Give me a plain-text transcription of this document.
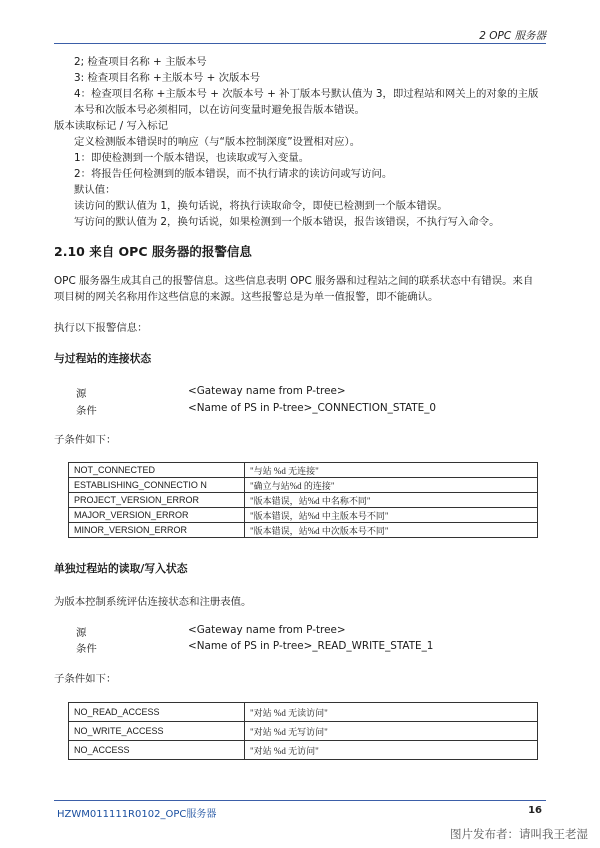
2 OPC 服务器
2; 检查项目名称 + 主版本号
3: 检查项目名称 +主版本号 + 次版本号
4：检查项目名称 +主版本号 + 次版本号 + 补丁版本号默认值为 3，即过程站和网关上的对象的主版
本号和次版本号必须相同，以在访问变量时避免报告版本错误。
版本读取标记 / 写入标记
定义检测版本错误时的响应（与“版本控制深度”设置相对应）。
1：即使检测到一个版本错误，也读取或写入变量。
2：将报告任何检测到的版本错误，而不执行请求的读访问或写访问。
默认值：
读访问的默认值为 1，换句话说，将执行读取命令，即使已检测到一个版本错误。
写访问的默认值为 2，换句话说，如果检测到一个版本错误，报告该错误，不执行写入命令。
2.10 来自 OPC 服务器的报警信息
OPC 服务器生成其自己的报警信息。这些信息表明 OPC 服务器和过程站之间的联系状态中有错误。来自
项目树的网关名称用作这些信息的来源。这些报警总是为单一值报警，即不能确认。
执行以下报警信息：
与过程站的连接状态
源	<Gateway name from P-tree>
条件	<Name of PS in P-tree>_CONNECTION_STATE_0
子条件如下：
NOT_CONNECTED	"与站 %d 无连接"
ESTABLISHING_CONNECTIO N	"确立与站%d 的连接"
PROJECT_VERSION_ERROR	"版本错误，站%d 中名称不同"
MAJOR_VERSION_ERROR	"版本错误，站%d 中主版本号不同"
MINOR_VERSION_ERROR	"版本错误，站%d 中次版本号不同"
单独过程站的读取/写入状态
为版本控制系统评估连接状态和注册表值。
源	<Gateway name from P-tree>
条件	<Name of PS in P-tree>_READ_WRITE_STATE_1
子条件如下：
NO_READ_ACCESS	"对站 %d 无读访问"
NO_WRITE_ACCESS	"对站 %d 无写访问"
NO_ACCESS	"对站 %d 无访问"
HZWM011111R0102_OPC服务器	16
图片发布者：请叫我王老湿
